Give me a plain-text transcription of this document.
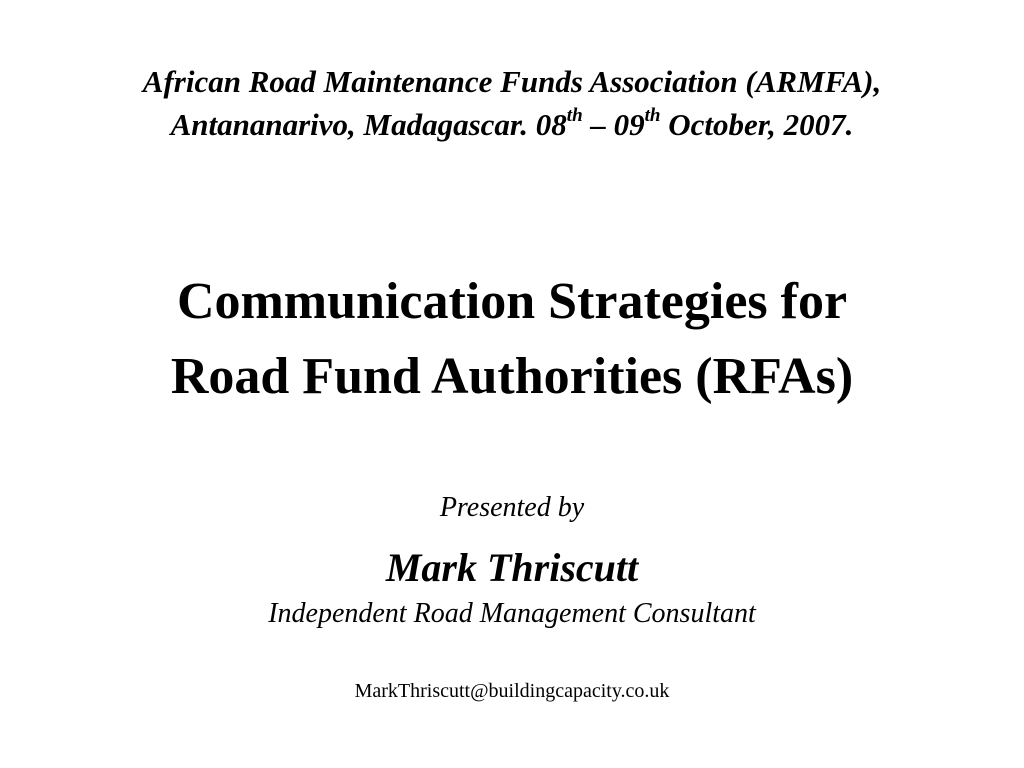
African Road Maintenance Funds Association (ARMFA),
Antananarivo, Madagascar. 08th – 09th October, 2007.
Communication Strategies for
Road Fund Authorities (RFAs)
Presented by
Mark Thriscutt
Independent Road Management Consultant
MarkThriscutt@buildingcapacity.co.uk
